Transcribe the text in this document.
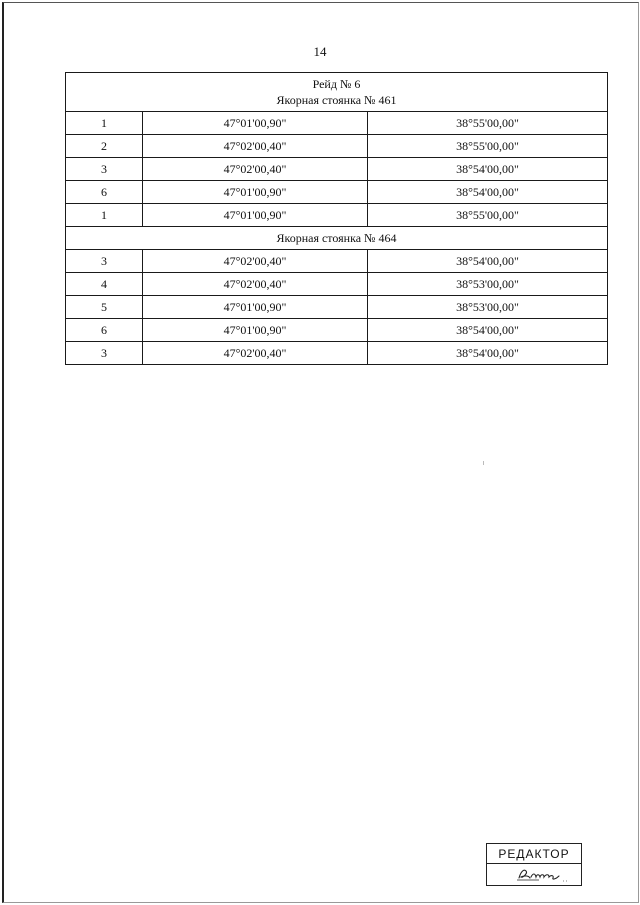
14
Рейд № 6
Якорная стоянка № 461		

1	47°01'00,90"	38°55'00,00"
2	47°02'00,40"	38°55'00,00"
3	47°02'00,40"	38°54'00,00"
6	47°01'00,90"	38°54'00,00"
1	47°01'00,90"	38°55'00,00"
Якорная стоянка № 464		
3	47°02'00,40"	38°54'00,00"
4	47°02'00,40"	38°53'00,00"
5	47°01'00,90"	38°53'00,00"
6	47°01'00,90"	38°54'00,00"
3	47°02'00,40"	38°54'00,00"
РЕДАКТОР
